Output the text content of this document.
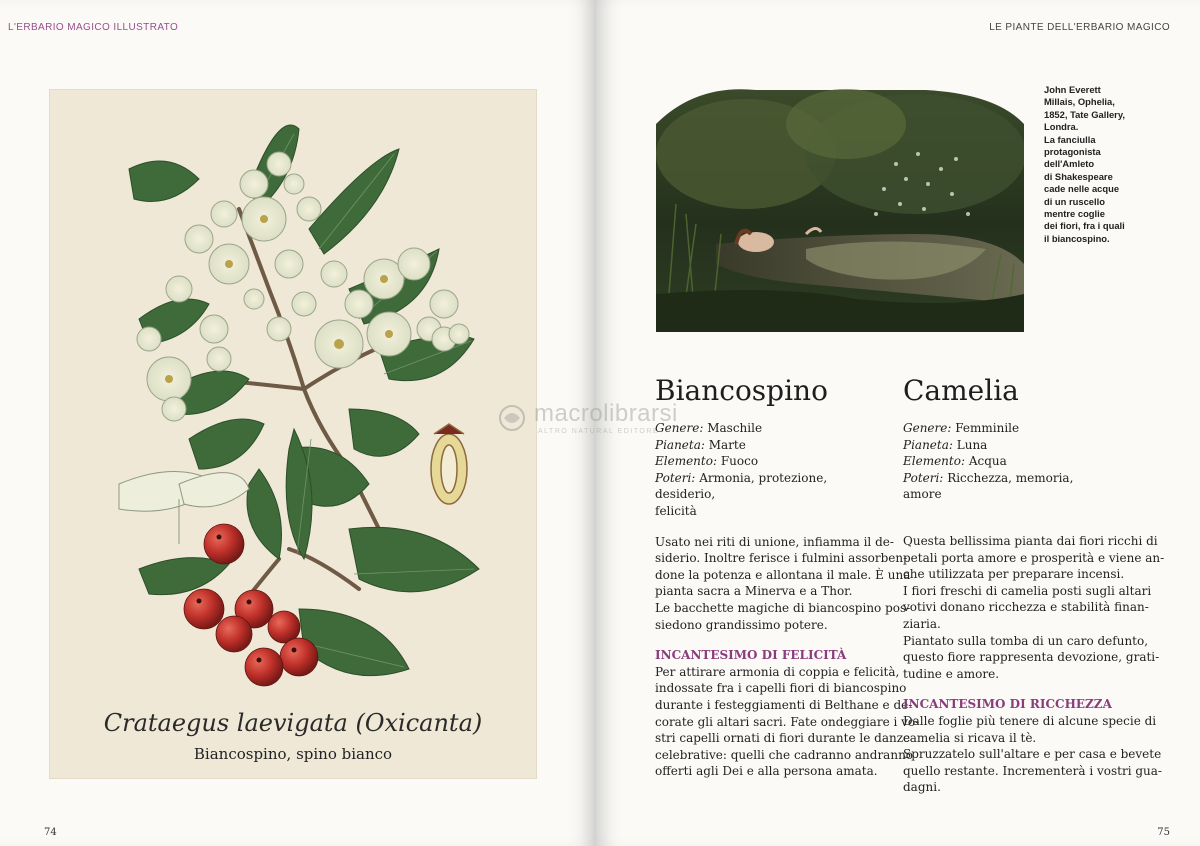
L'ERBARIO MAGICO ILLUSTRATO
Crataegus laevigata (Oxicanta)
Biancospino, spino bianco
74
LE PIANTE DELL'ERBARIO MAGICO
John Everett
Millais, Ophelia,
1852, Tate Gallery,
Londra.
La fanciulla
protagonista
dell'Amleto
di Shakespeare
cade nelle acque
di un ruscello
mentre coglie
dei fiori, fra i quali
il biancospino.
Biancospino
Genere: Maschile
Pianeta: Marte
Elemento: Fuoco
Poteri: Armonia, protezione, desiderio,
felicità
Usato nei riti di unione, infiamma il de-
siderio. Inoltre ferisce i fulmini assorben-
done la potenza e allontana il male. È una
pianta sacra a Minerva e a Thor.
Le bacchette magiche di biancospino pos-
siedono grandissimo potere.
INCANTESIMO DI FELICITÀ
Per attirare armonia di coppia e felicità,
indossate fra i capelli fiori di biancospino
durante i festeggiamenti di Belthane e de-
corate gli altari sacri. Fate ondeggiare i vo-
stri capelli ornati di fiori durante le danze
celebrative: quelli che cadranno andranno
offerti agli Dei e alla persona amata.
Camelia
Genere: Femminile
Pianeta: Luna
Elemento: Acqua
Poteri: Ricchezza, memoria, amore
Questa bellissima pianta dai fiori ricchi di
petali porta amore e prosperità e viene an-
che utilizzata per preparare incensi.
I fiori freschi di camelia posti sugli altari
votivi donano ricchezza e stabilità finan-
ziaria.
Piantato sulla tomba di un caro defunto,
questo fiore rappresenta devozione, grati-
tudine e amore.
INCANTESIMO DI RICCHEZZA
Dalle foglie più tenere di alcune specie di
camelia si ricava il tè.
Spruzzatelo sull'altare e per casa e bevete
quello restante. Incrementerà i vostri gua-
dagni.
75
macrolibrarsi
ALTRO NATURAL EDITORE
